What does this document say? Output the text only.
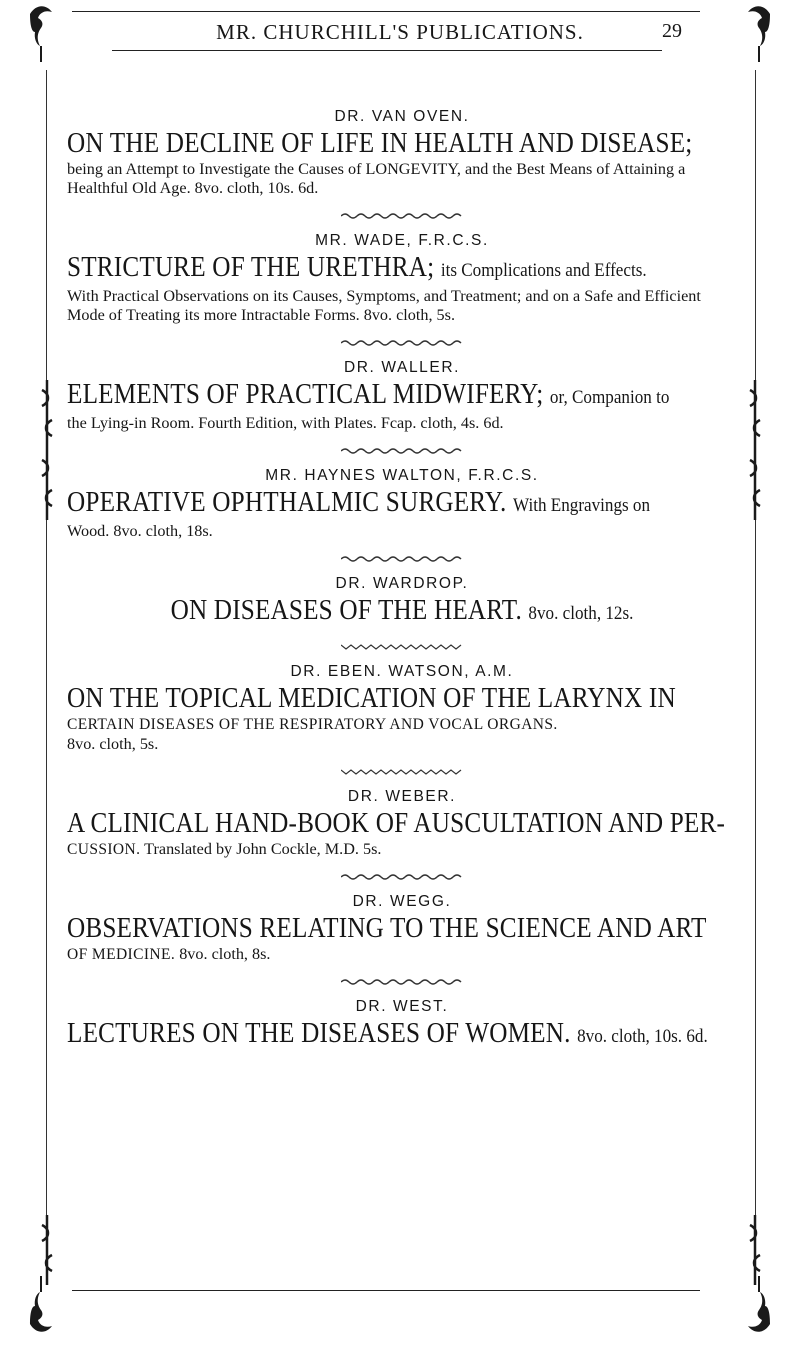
MR. CHURCHILL'S PUBLICATIONS.	29
DR. VAN OVEN.
ON THE DECLINE OF LIFE IN HEALTH AND DISEASE;
being an Attempt to Investigate the Causes of LONGEVITY, and the Best Means of Attaining a Healthful Old Age. 8vo. cloth, 10s. 6d.
MR. WADE, F.R.C.S.
STRICTURE OF THE URETHRA; its Complications and Effects.
With Practical Observations on its Causes, Symptoms, and Treatment; and on a Safe and Efficient Mode of Treating its more Intractable Forms. 8vo. cloth, 5s.
DR. WALLER.
ELEMENTS OF PRACTICAL MIDWIFERY; or, Companion to
the Lying-in Room. Fourth Edition, with Plates. Fcap. cloth, 4s. 6d.
MR. HAYNES WALTON, F.R.C.S.
OPERATIVE OPHTHALMIC SURGERY. With Engravings on
Wood. 8vo. cloth, 18s.
DR. WARDROP.
ON DISEASES OF THE HEART. 8vo. cloth, 12s.
DR. EBEN. WATSON, A.M.
ON THE TOPICAL MEDICATION OF THE LARYNX IN
CERTAIN DISEASES OF THE RESPIRATORY AND VOCAL ORGANS.
8vo. cloth, 5s.
DR. WEBER.
A CLINICAL HAND-BOOK OF AUSCULTATION AND PER-
CUSSION. Translated by John Cockle, M.D. 5s.
DR. WEGG.
OBSERVATIONS RELATING TO THE SCIENCE AND ART
OF MEDICINE. 8vo. cloth, 8s.
DR. WEST.
LECTURES ON THE DISEASES OF WOMEN. 8vo. cloth, 10s. 6d.
